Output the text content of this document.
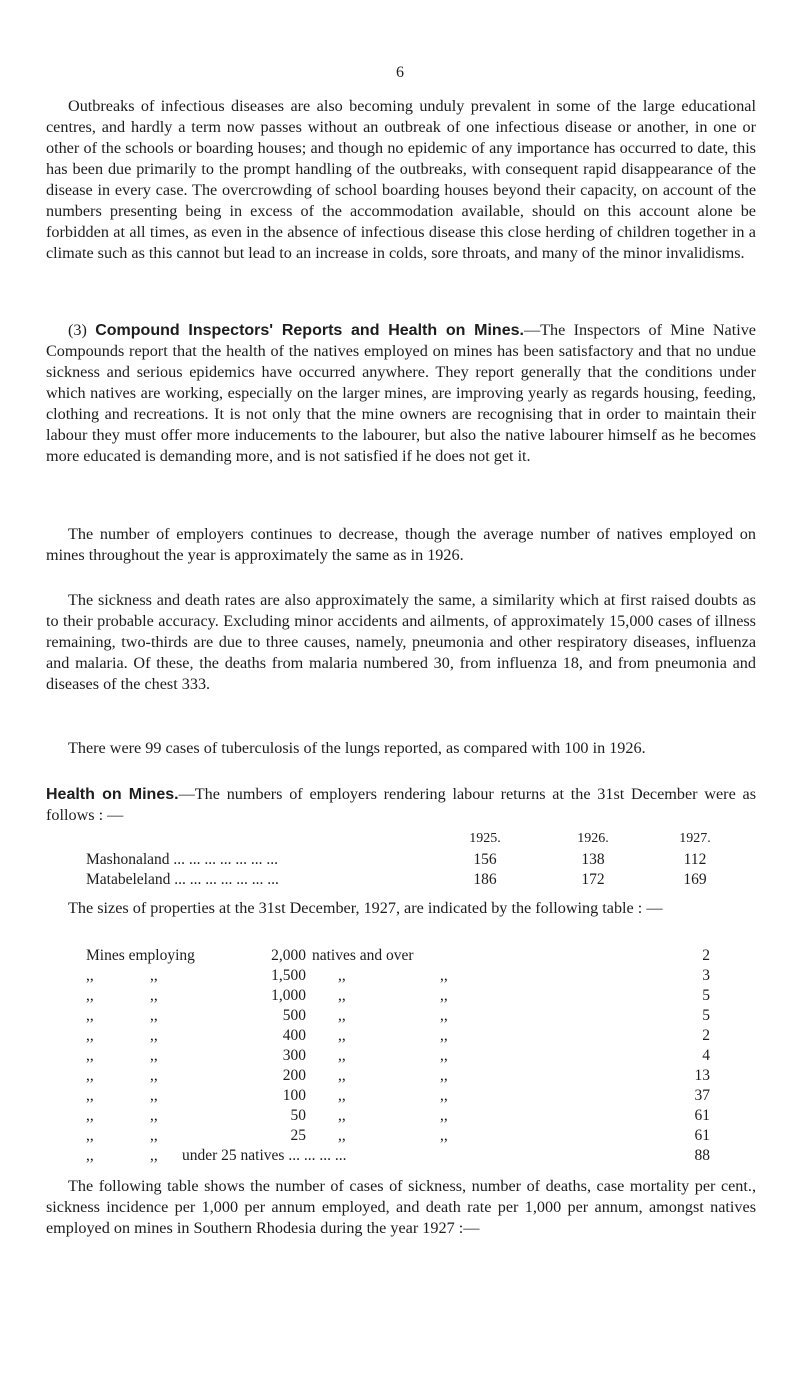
6

Outbreaks of infectious diseases are also becoming unduly prevalent in some of the large educational centres, and hardly a term now passes without an outbreak of one infectious disease or another, in one or other of the schools or boarding houses; and though no epidemic of any importance has occurred to date, this has been due primarily to the prompt handling of the outbreaks, with consequent rapid disappearance of the disease in every case. The overcrowding of school boarding houses beyond their capacity, on account of the numbers presenting being in excess of the accommodation available, should on this account alone be forbidden at all times, as even in the absence of infectious disease this close herding of children together in a climate such as this cannot but lead to an increase in colds, sore throats, and many of the minor invalidisms.

(3) Compound Inspectors' Reports and Health on Mines.—The Inspectors of Mine Native Compounds report that the health of the natives employed on mines has been satisfactory and that no undue sickness and serious epidemics have occurred anywhere. They report generally that the conditions under which natives are working, especially on the larger mines, are improving yearly as regards housing, feeding, clothing and recreations. It is not only that the mine owners are recognising that in order to maintain their labour they must offer more inducements to the labourer, but also the native labourer himself as he becomes more educated is demanding more, and is not satisfied if he does not get it.

The number of employers continues to decrease, though the average number of natives employed on mines throughout the year is approximately the same as in 1926.

The sickness and death rates are also approximately the same, a similarity which at first raised doubts as to their probable accuracy. Excluding minor accidents and ailments, of approximately 15,000 cases of illness remaining, two-thirds are due to three causes, namely, pneumonia and other respiratory diseases, influenza and malaria. Of these, the deaths from malaria numbered 30, from influenza 18, and from pneumonia and diseases of the chest 333.

There were 99 cases of tuberculosis of the lungs reported, as compared with 100 in 1926.

Health on Mines.—The numbers of employers rendering labour returns at the 31st December were as follows : —

1925.	1926.	1927.
Mashonaland ... ... ... ... ... ... ...	156	138	112
Matabeleland ... ... ... ... ... ... ...	186	172	169

The sizes of properties at the 31st December, 1927, are indicated by the following table : —

Mines employing	2,000 natives and over	2
,,	,,	1,500 ,,	,,	3
,,	,,	1,000 ,,	,,	5
,,	,,	500 ,,	,,	5
,,	,,	400 ,,	,,	2
,,	,,	300 ,,	,,	4
,,	,,	200 ,,	,,	13
,,	,,	100 ,,	,,	37
,,	,,	50 ,,	,,	61
,,	,,	25 ,,	,,	61
,,	,, under 25 natives ... ... ... ...	88

The following table shows the number of cases of sickness, number of deaths, case mortality per cent., sickness incidence per 1,000 per annum employed, and death rate per 1,000 per annum, amongst natives employed on mines in Southern Rhodesia during the year 1927 :—
